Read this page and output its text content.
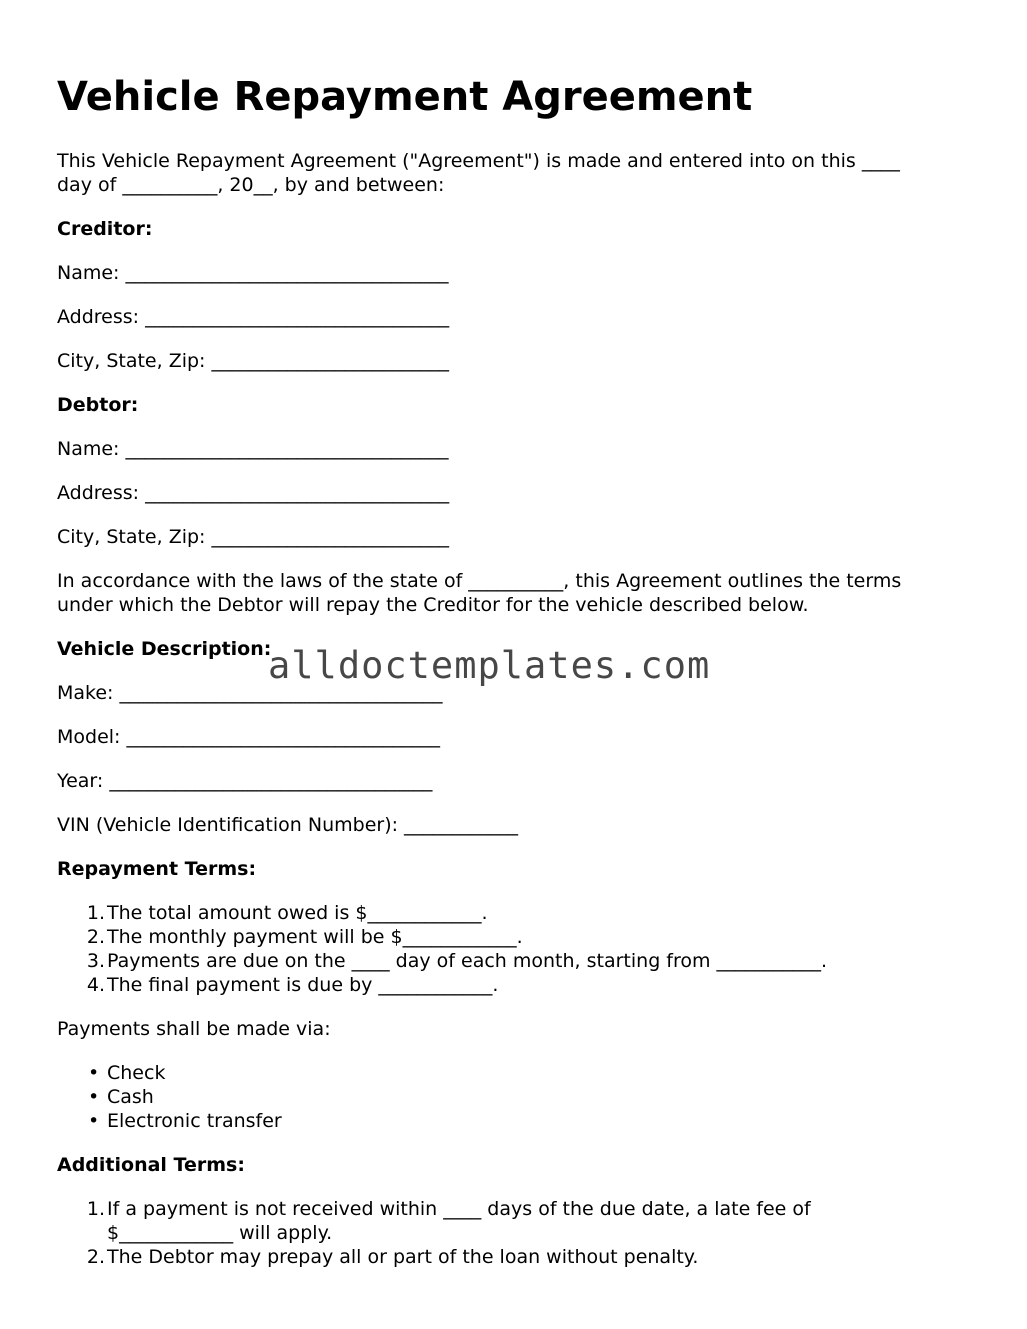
Vehicle Repayment Agreement

This Vehicle Repayment Agreement ("Agreement") is made and entered into on this ____

day of __________, 20__, by and between:

Creditor:

Name: __________________________________

Address: ________________________________

City, State, Zip: _________________________

Debtor:

Name: __________________________________

Address: ________________________________

City, State, Zip: _________________________

In accordance with the laws of the state of __________, this Agreement outlines the terms

under which the Debtor will repay the Creditor for the vehicle described below.

Vehicle Description:

Make: __________________________________

Model: _________________________________

Year: __________________________________

VIN (Vehicle Identification Number): ____________

Repayment Terms:

1. The total amount owed is $____________.
2. The monthly payment will be $____________.
3. Payments are due on the ____ day of each month, starting from ___________.
4. The final payment is due by ____________.

Payments shall be made via:

• Check
• Cash
• Electronic transfer

Additional Terms:

1. If a payment is not received within ____ days of the due date, a late fee of
$____________ will apply.
2. The Debtor may prepay all or part of the loan without penalty.
alldoctemplates.com
